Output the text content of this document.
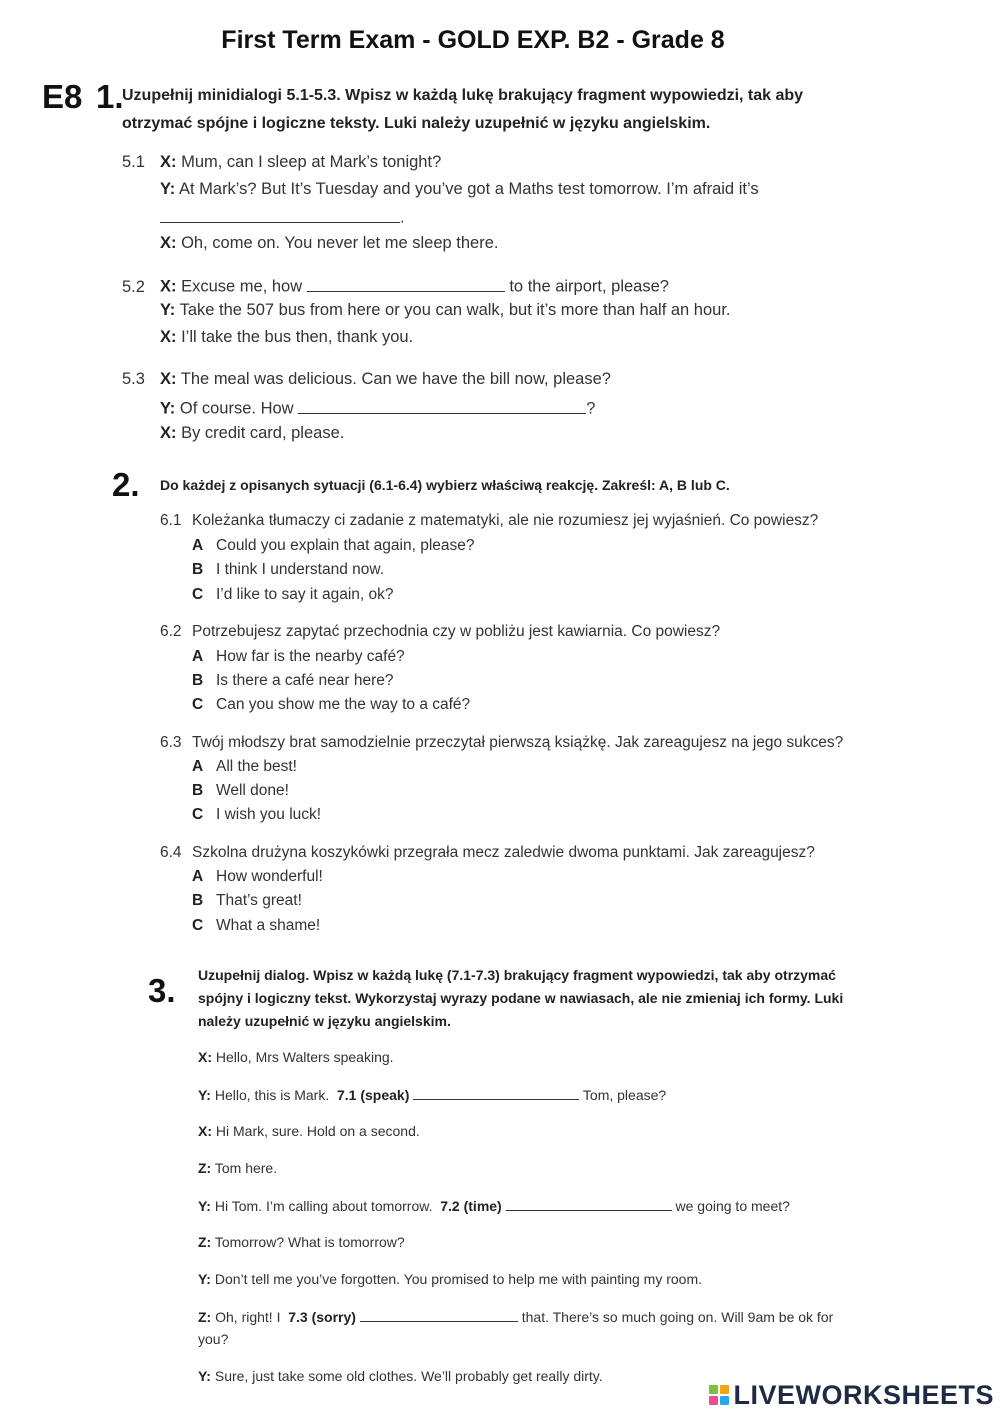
First Term Exam - GOLD EXP. B2 - Grade 8
E8 1.
Uzupełnij minidialogi 5.1-5.3. Wpisz w każdą lukę brakujący fragment wypowiedzi, tak aby
otrzymać spójne i logiczne teksty. Luki należy uzupełnić w języku angielskim.
5.1 X: Mum, can I sleep at Mark’s tonight?
Y: At Mark’s? But It’s Tuesday and you’ve got a Maths test tomorrow. I’m afraid it’s
.
X: Oh, come on. You never let me sleep there.
5.2 X: Excuse me, how	to the airport, please?
Y: Take the 507 bus from here or you can walk, but it’s more than half an hour.
X: I’ll take the bus then, thank you.
5.3 X: The meal was delicious. Can we have the bill now, please?
Y: Of course. How	?
X: By credit card, please.
2. Do każdej z opisanych sytuacji (6.1-6.4) wybierz właściwą reakcję. Zakreśl: A, B lub C.
6.1 Koleżanka tłumaczy ci zadanie z matematyki, ale nie rozumiesz jej wyjaśnień. Co powiesz?
A Could you explain that again, please?
B I think I understand now.
C I’d like to say it again, ok?
6.2 Potrzebujesz zapytać przechodnia czy w pobliżu jest kawiarnia. Co powiesz?
A How far is the nearby café?
B Is there a café near here?
C Can you show me the way to a café?
6.3 Twój młodszy brat samodzielnie przeczytał pierwszą książkę. Jak zareagujesz na jego sukces?
A All the best!
B Well done!
C I wish you luck!
6.4 Szkolna drużyna koszykówki przegrała mecz zaledwie dwoma punktami. Jak zareagujesz?
A How wonderful!
B That’s great!
C What a shame!
3. Uzupełnij dialog. Wpisz w każdą lukę (7.1-7.3) brakujący fragment wypowiedzi, tak aby otrzymać
spójny i logiczny tekst. Wykorzystaj wyrazy podane w nawiasach, ale nie zmieniaj ich formy. Luki
należy uzupełnić w języku angielskim.
X: Hello, Mrs Walters speaking.
Y: Hello, this is Mark. 7.1 (speak)	Tom, please?
X: Hi Mark, sure. Hold on a second.
Z: Tom here.
Y: Hi Tom. I’m calling about tomorrow. 7.2 (time)	we going to meet?
Z: Tomorrow? What is tomorrow?
Y: Don’t tell me you’ve forgotten. You promised to help me with painting my room.
Z: Oh, right! I 7.3 (sorry)	that. There’s so much going on. Will 9am be ok for
you?
Y: Sure, just take some old clothes. We’ll probably get really dirty.
LIVEWORKSHEETS
